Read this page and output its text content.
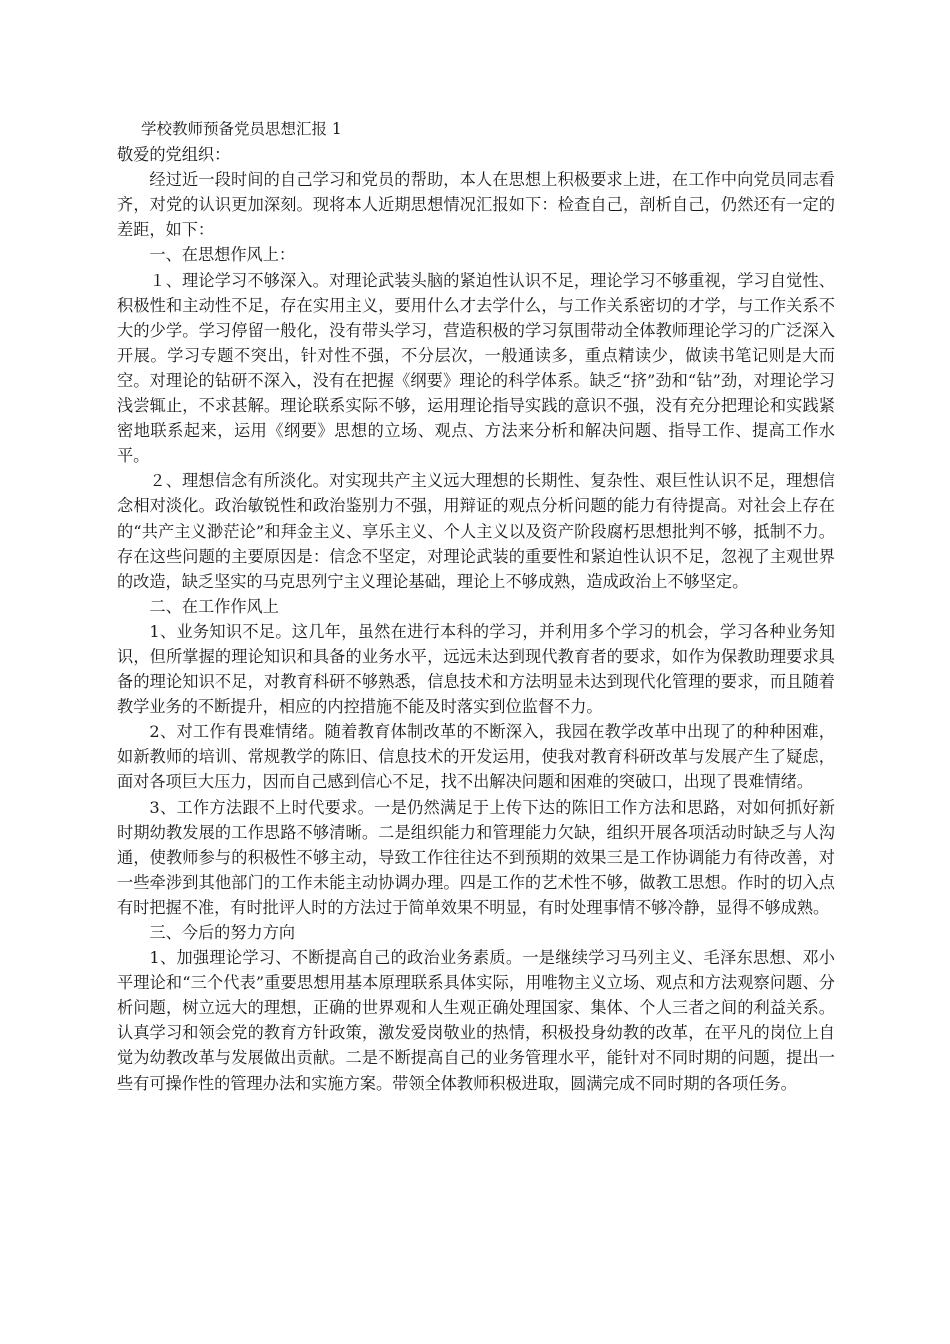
学校教师预备党员思想汇报 1

敬爱的党组织：

经过近一段时间的自己学习和党员的帮助，本人在思想上积极要求上进，在工作中向党员同志看齐，对党的认识更加深刻。现将本人近期思想情况汇报如下：检查自己，剖析自己，仍然还有一定的差距，如下：

一、在思想作风上：

１、理论学习不够深入。对理论武装头脑的紧迫性认识不足，理论学习不够重视，学习自觉性、积极性和主动性不足，存在实用主义，要用什么才去学什么，与工作关系密切的才学，与工作关系不大的少学。学习停留一般化，没有带头学习，营造积极的学习氛围带动全体教师理论学习的广泛深入开展。学习专题不突出，针对性不强，不分层次，一般通读多，重点精读少，做读书笔记则是大而空。对理论的钻研不深入，没有在把握《纲要》理论的科学体系。缺乏“挤”劲和“钻”劲，对理论学习浅尝辄止，不求甚解。理论联系实际不够，运用理论指导实践的意识不强，没有充分把理论和实践紧密地联系起来，运用《纲要》思想的立场、观点、方法来分析和解决问题、指导工作、提高工作水平。

２、理想信念有所淡化。对实现共产主义远大理想的长期性、复杂性、艰巨性认识不足，理想信念相对淡化。政治敏锐性和政治鉴别力不强，用辩证的观点分析问题的能力有待提高。对社会上存在的“共产主义渺茫论”和拜金主义、享乐主义、个人主义以及资产阶段腐朽思想批判不够，抵制不力。存在这些问题的主要原因是：信念不坚定，对理论武装的重要性和紧迫性认识不足，忽视了主观世界的改造，缺乏坚实的马克思列宁主义理论基础，理论上不够成熟，造成政治上不够坚定。

二、在工作作风上

1、业务知识不足。这几年，虽然在进行本科的学习，并利用多个学习的机会，学习各种业务知识，但所掌握的理论知识和具备的业务水平，远远未达到现代教育者的要求，如作为保教助理要求具备的理论知识不足，对教育科研不够熟悉，信息技术和方法明显未达到现代化管理的要求，而且随着教学业务的不断提升，相应的内控措施不能及时落实到位监督不力。

2、对工作有畏难情绪。随着教育体制改革的不断深入，我园在教学改革中出现了的种种困难，如新教师的培训、常规教学的陈旧、信息技术的开发运用，使我对教育科研改革与发展产生了疑虑，面对各项巨大压力，因而自己感到信心不足，找不出解决问题和困难的突破口，出现了畏难情绪。

3、工作方法跟不上时代要求。一是仍然满足于上传下达的陈旧工作方法和思路，对如何抓好新时期幼教发展的工作思路不够清晰。二是组织能力和管理能力欠缺，组织开展各项活动时缺乏与人沟通，使教师参与的积极性不够主动，导致工作往往达不到预期的效果三是工作协调能力有待改善，对一些牵涉到其他部门的工作未能主动协调办理。四是工作的艺术性不够，做教工思想。作时的切入点有时把握不准，有时批评人时的方法过于简单效果不明显，有时处理事情不够冷静，显得不够成熟。

三、今后的努力方向

1、加强理论学习、不断提高自己的政治业务素质。一是继续学习马列主义、毛泽东思想、邓小平理论和“三个代表”重要思想用基本原理联系具体实际，用唯物主义立场、观点和方法观察问题、分析问题，树立远大的理想，正确的世界观和人生观正确处理国家、集体、个人三者之间的利益关系。认真学习和领会党的教育方针政策，激发爱岗敬业的热情，积极投身幼教的改革，在平凡的岗位上自觉为幼教改革与发展做出贡献。二是不断提高自己的业务管理水平，能针对不同时期的问题，提出一些有可操作性的管理办法和实施方案。带领全体教师积极进取，圆满完成不同时期的各项任务。
